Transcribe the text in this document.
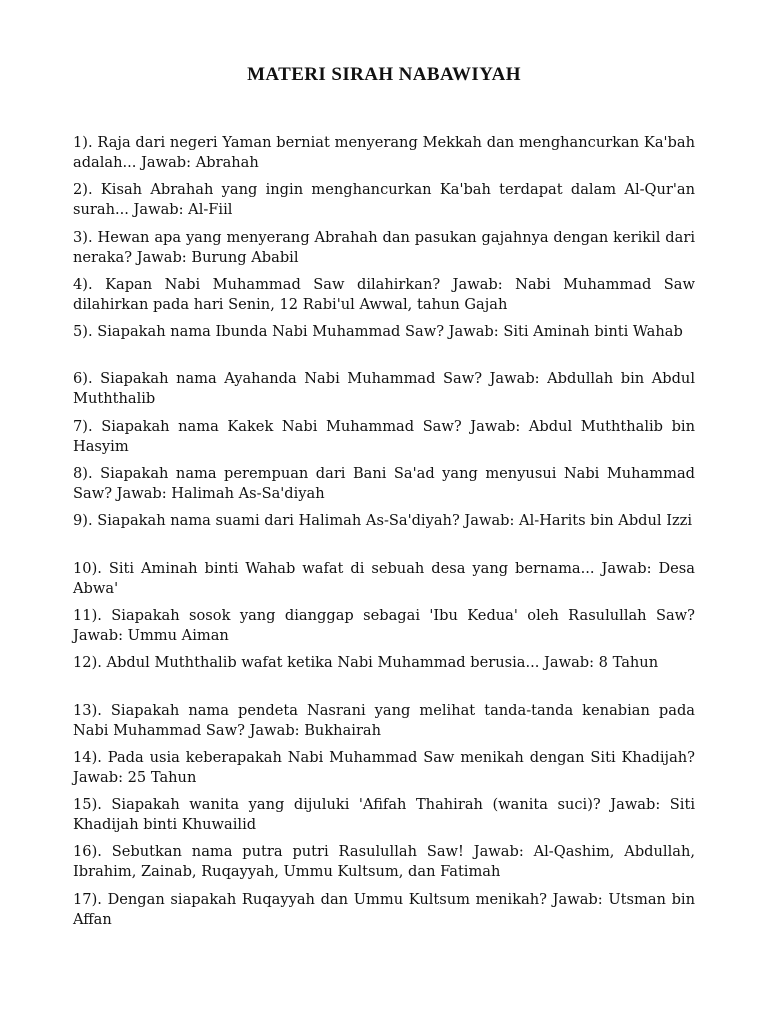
MATERI SIRAH NABAWIYAH
1). Raja dari negeri Yaman berniat menyerang Mekkah dan menghancurkan Ka'bah adalah... Jawab: Abrahah
2). Kisah Abrahah yang ingin menghancurkan Ka'bah terdapat dalam Al-Qur'an surah... Jawab: Al-Fiil
3). Hewan apa yang menyerang Abrahah dan pasukan gajahnya dengan kerikil dari neraka? Jawab: Burung Ababil
4). Kapan Nabi Muhammad Saw dilahirkan? Jawab: Nabi Muhammad Saw dilahirkan pada hari Senin, 12 Rabi'ul Awwal, tahun Gajah
5). Siapakah nama Ibunda Nabi Muhammad Saw? Jawab: Siti Aminah binti Wahab
6). Siapakah nama Ayahanda Nabi Muhammad Saw? Jawab: Abdullah bin Abdul Muththalib
7). Siapakah nama Kakek Nabi Muhammad Saw? Jawab: Abdul Muththalib bin Hasyim
8). Siapakah nama perempuan dari Bani Sa'ad yang menyusui Nabi Muhammad Saw? Jawab: Halimah As-Sa'diyah
9). Siapakah nama suami dari Halimah As-Sa'diyah? Jawab: Al-Harits bin Abdul Izzi
10). Siti Aminah binti Wahab wafat di sebuah desa yang bernama... Jawab: Desa Abwa'
11). Siapakah sosok yang dianggap sebagai 'Ibu Kedua' oleh Rasulullah Saw? Jawab: Ummu Aiman
12). Abdul Muththalib wafat ketika Nabi Muhammad berusia... Jawab: 8 Tahun
13). Siapakah nama pendeta Nasrani yang melihat tanda-tanda kenabian pada Nabi Muhammad Saw? Jawab: Bukhairah
14). Pada usia keberapakah Nabi Muhammad Saw menikah dengan Siti Khadijah? Jawab: 25 Tahun
15). Siapakah wanita yang dijuluki 'Afifah Thahirah (wanita suci)? Jawab: Siti Khadijah binti Khuwailid
16). Sebutkan nama putra putri Rasulullah Saw! Jawab: Al-Qashim, Abdullah, Ibrahim, Zainab, Ruqayyah, Ummu Kultsum, dan Fatimah
17). Dengan siapakah Ruqayyah dan Ummu Kultsum menikah? Jawab: Utsman bin Affan
